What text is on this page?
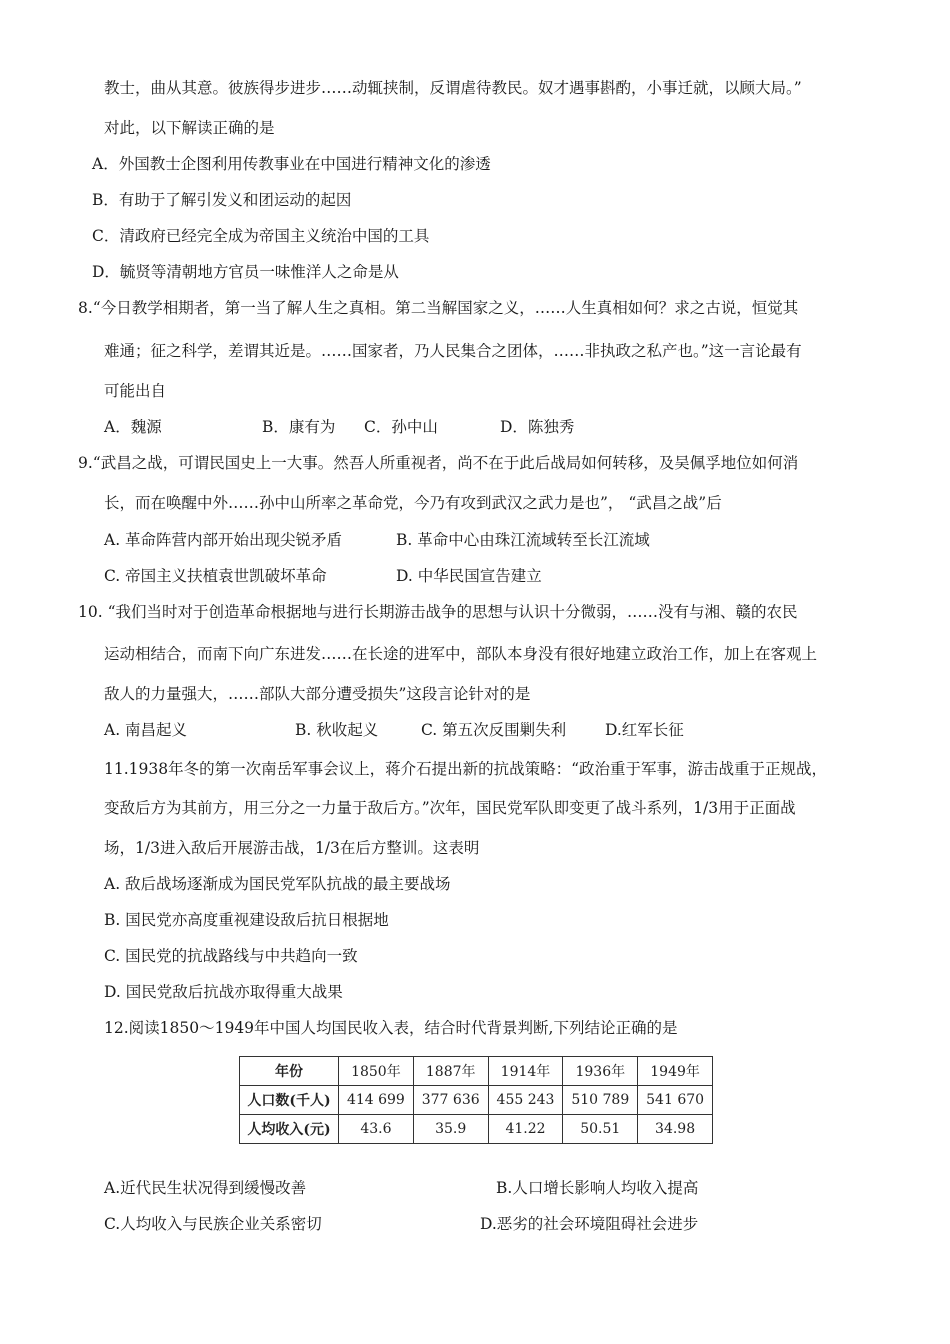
教士，曲从其意。彼族得步进步……动辄挟制，反谓虐待教民。奴才遇事斟酌，小事迁就，以顾大局。”
对此，以下解读正确的是
A．外国教士企图利用传教事业在中国进行精神文化的渗透
B．有助于了解引发义和团运动的起因
C．清政府已经完全成为帝国主义统治中国的工具
D．毓贤等清朝地方官员一味惟洋人之命是从
8.“今日教学相期者，第一当了解人生之真相。第二当解国家之义，……人生真相如何？求之古说，恒觉其
难通；征之科学，差谓其近是。……国家者，乃人民集合之团体，……非执政之私产也。”这一言论最有
可能出自
A．魏源	B．康有为 C．孙中山	D．陈独秀
9.“武昌之战，可谓民国史上一大事。然吾人所重视者，尚不在于此后战局如何转移，及吴佩孚地位如何消
长，而在唤醒中外……孙中山所率之革命党，今乃有攻到武汉之武力是也”， “武昌之战”后
A. 革命阵营内部开始出现尖锐矛盾	B. 革命中心由珠江流域转至长江流域
C. 帝国主义扶植袁世凯破坏革命	D. 中华民国宣告建立
10. “我们当时对于创造革命根据地与进行长期游击战争的思想与认识十分微弱，……没有与湘、赣的农民
运动相结合，而南下向广东进发……在长途的进军中，部队本身没有很好地建立政治工作，加上在客观上
敌人的力量强大，……部队大部分遭受损失”这段言论针对的是
A. 南昌起义	B. 秋收起义	C. 第五次反围剿失利	D.红军长征
11.1938年冬的第一次南岳军事会议上，蒋介石提出新的抗战策略：“政治重于军事，游击战重于正规战，
变敌后方为其前方，用三分之一力量于敌后方。”次年，国民党军队即变更了战斗系列，1/3用于正面战
场，1/3进入敌后开展游击战，1/3在后方整训。这表明
A. 敌后战场逐渐成为国民党军队抗战的最主要战场
B. 国民党亦高度重视建设敌后抗日根据地
C. 国民党的抗战路线与中共趋向一致
D. 国民党敌后抗战亦取得重大战果
12.阅读1850～1949年中国人均国民收入表，结合时代背景判断,下列结论正确的是
年份	1850年	1887年	1914年	1936年	1949年
人口数(千人)	414 699	377 636	455 243	510 789	541 670
人均收入(元)	43.6	35.9	41.22	50.51	34.98
A.近代民生状况得到缓慢改善	B.人口增长影响人均收入提高
C.人均收入与民族企业关系密切	D.恶劣的社会环境阻碍社会进步
